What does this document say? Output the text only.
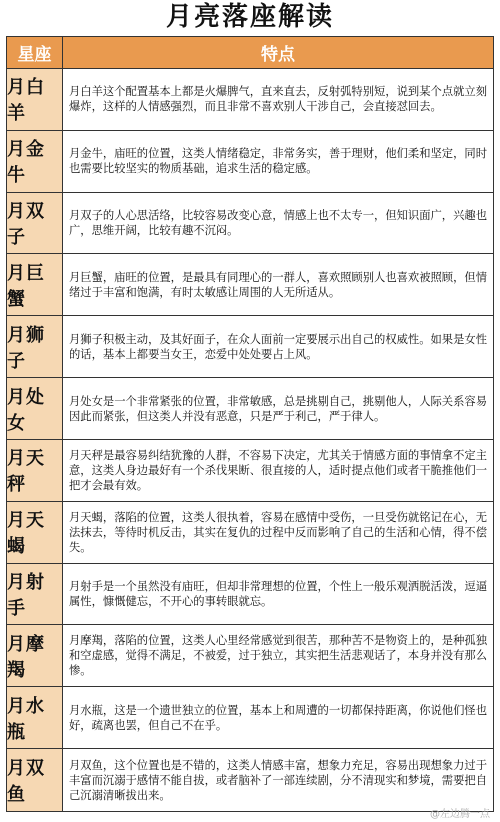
月亮落座解读
星座	特点
月白羊
月白羊这个配置基本上都是火爆脾气，直来直去，反射弧特别短，说到某个点就立刻爆炸，这样的人情感强烈，而且非常不喜欢别人干涉自己，会直接怼回去。
月金牛
月金牛，庙旺的位置，这类人情绪稳定，非常务实，善于理财，他们柔和坚定，同时也需要比较坚实的物质基础，追求生活的稳定感。
月双子
月双子的人心思活络，比较容易改变心意，情感上也不太专一，但知识面广，兴趣也广，思维开阔，比较有趣不沉闷。
月巨蟹
月巨蟹，庙旺的位置，是最具有同理心的一群人，喜欢照顾别人也喜欢被照顾，但情绪过于丰富和饱满，有时太敏感让周围的人无所适从。
月狮子
月狮子积极主动，及其好面子，在众人面前一定要展示出自己的权威性。如果是女性的话，基本上都要当女王，恋爱中处处要占上风。
月处女
月处女是一个非常紧张的位置，非常敏感，总是挑剔自己，挑剔他人，人际关系容易因此而紧张，但这类人并没有恶意，只是严于利己，严于律人。
月天秤
月天秤是最容易纠结犹豫的人群，不容易下决定，尤其关于情感方面的事情拿不定主意，这类人身边最好有一个杀伐果断、很直接的人，适时提点他们或者干脆推他们一把才会最有效。
月天蝎
月天蝎，落陷的位置，这类人很执着，容易在感情中受伤，一旦受伤就铭记在心，无法抹去，等待时机反击，其实在复仇的过程中反而影响了自己的生活和心情，得不偿失。
月射手
月射手是一个虽然没有庙旺，但却非常理想的位置，个性上一般乐观洒脱活泼，逗逼属性，慷慨健忘，不开心的事转眼就忘。
月摩羯
月摩羯，落陷的位置，这类人心里经常感觉到很苦，那种苦不是物资上的，是种孤独和空虚感，觉得不满足，不被爱，过于独立，其实把生活悲观话了，本身并没有那么惨。
月水瓶
月水瓶，这是一个遗世独立的位置，基本上和周遭的一切都保持距离，你说他们怪也好，疏离也罢，但自己不在乎。
月双鱼
月双鱼，这个位置也是不错的，这类人情感丰富，想象力充足，容易出现想象力过于丰富而沉溺于感情不能自拔，或者脑补了一部连续剧，分不清现实和梦境，需要把自己沉溺清晰拔出来。
@左边腾一点
